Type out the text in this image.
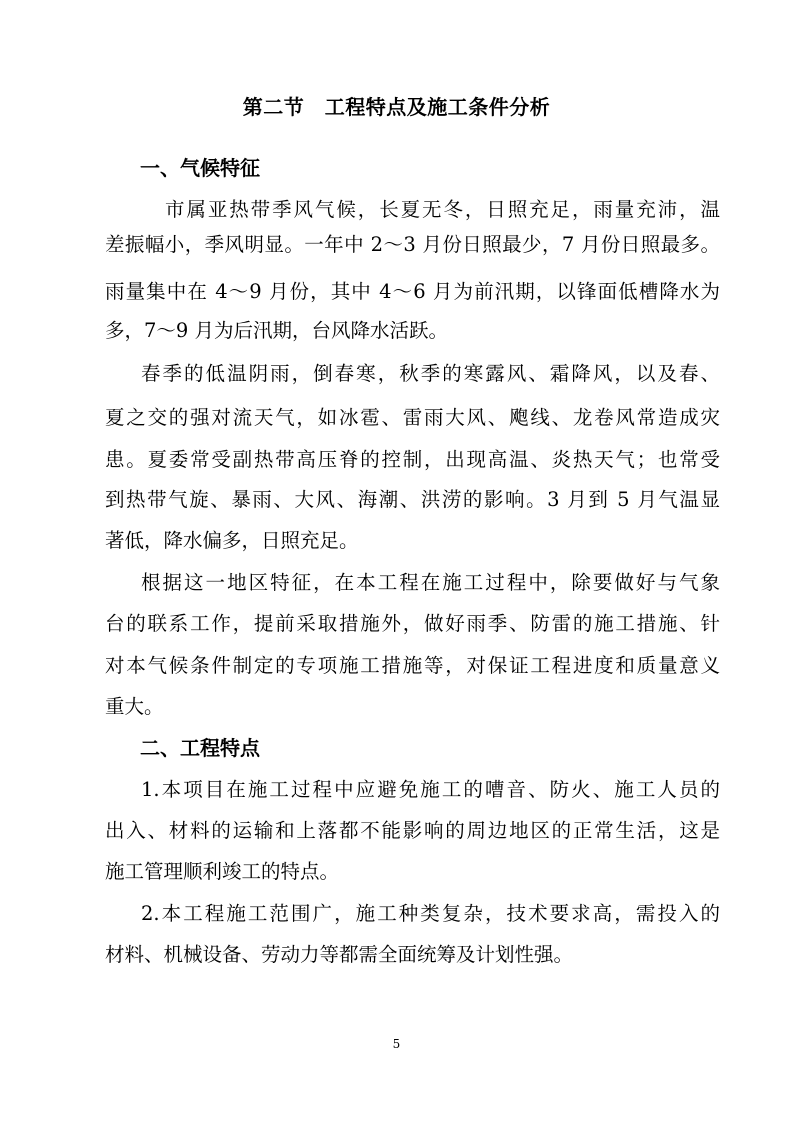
第二节　工程特点及施工条件分析
一、气候特征
市属亚热带季风气候，长夏无冬，日照充足，雨量充沛，温
差振幅小，季风明显。一年中 2～3 月份日照最少，7 月份日照最多。
雨量集中在 4～9 月份，其中 4～6 月为前汛期，以锋面低槽降水为
多，7～9 月为后汛期，台风降水活跃。
春季的低温阴雨，倒春寒，秋季的寒露风、霜降风，以及春、
夏之交的强对流天气，如冰雹、雷雨大风、飑线、龙卷风常造成灾
患。夏委常受副热带高压脊的控制，出现高温、炎热天气；也常受
到热带气旋、暴雨、大风、海潮、洪涝的影响。3 月到 5 月气温显
著低，降水偏多，日照充足。
根据这一地区特征，在本工程在施工过程中，除要做好与气象
台的联系工作，提前采取措施外，做好雨季、防雷的施工措施、针
对本气候条件制定的专项施工措施等，对保证工程进度和质量意义
重大。
二、工程特点
1.本项目在施工过程中应避免施工的嘈音、防火、施工人员的
出入、材料的运输和上落都不能影响的周边地区的正常生活，这是
施工管理顺利竣工的特点。
2.本工程施工范围广，施工种类复杂，技术要求高，需投入的
材料、机械设备、劳动力等都需全面统筹及计划性强。
5
